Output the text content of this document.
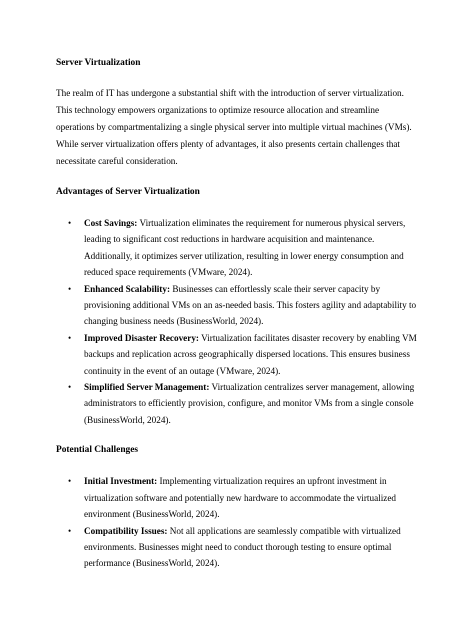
Server Virtualization

The realm of IT has undergone a substantial shift with the introduction of server virtualization. This technology empowers organizations to optimize resource allocation and streamline operations by compartmentalizing a single physical server into multiple virtual machines (VMs). While server virtualization offers plenty of advantages, it also presents certain challenges that necessitate careful consideration.

Advantages of Server Virtualization
• Cost Savings: Virtualization eliminates the requirement for numerous physical servers, leading to significant cost reductions in hardware acquisition and maintenance. Additionally, it optimizes server utilization, resulting in lower energy consumption and reduced space requirements (VMware, 2024).
• Enhanced Scalability: Businesses can effortlessly scale their server capacity by provisioning additional VMs on an as-needed basis. This fosters agility and adaptability to changing business needs (BusinessWorld, 2024).
• Improved Disaster Recovery: Virtualization facilitates disaster recovery by enabling VM backups and replication across geographically dispersed locations. This ensures business continuity in the event of an outage (VMware, 2024).
• Simplified Server Management: Virtualization centralizes server management, allowing administrators to efficiently provision, configure, and monitor VMs from a single console (BusinessWorld, 2024).
Potential Challenges
• Initial Investment: Implementing virtualization requires an upfront investment in virtualization software and potentially new hardware to accommodate the virtualized environment (BusinessWorld, 2024).
• Compatibility Issues: Not all applications are seamlessly compatible with virtualized environments. Businesses might need to conduct thorough testing to ensure optimal performance (BusinessWorld, 2024).
